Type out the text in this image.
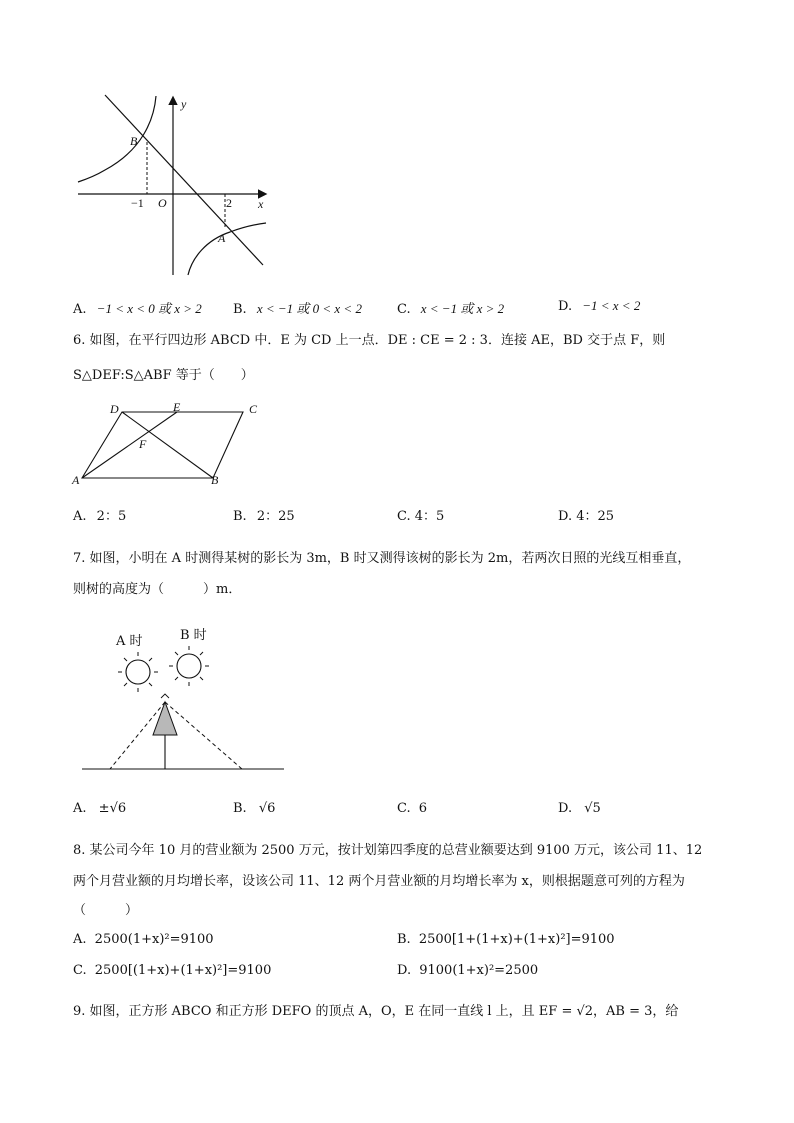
y
x
O
B
A
−1	2
A. −1 < x < 0 或 x > 2 B. x < −1 或 0 < x < 2	C. x < −1 或 x > 2	D. −1 < x < 2
6. 如图，在平行四边形 ABCD 中．E 为 CD 上一点．DE : CE = 2 : 3．连接 AE，BD 交于点 F，则
S△DEF:S△ABF 等于（　　）
D	E	C
F
A	B
A. 2：5	B. 2：25	C. 4：5	D. 4：25
7. 如图，小明在 A 时测得某树的影长为 3m，B 时又测得该树的影长为 2m，若两次日照的光线互相垂直，
则树的高度为（　　　）m．
A 时	B 时
A. ±√6	B. √6	C. 6	D. √5
8. 某公司今年 10 月的营业额为 2500 万元，按计划第四季度的总营业额要达到 9100 万元，该公司 11、12
两个月营业额的月均增长率，设该公司 11、12 两个月营业额的月均增长率为 x，则根据题意可列的方程为
（　　　）
A. 2500(1+x)²=9100	B. 2500[1+(1+x)+(1+x)²]=9100
C. 2500[(1+x)+(1+x)²]=9100	D. 9100(1+x)²=2500
9. 如图，正方形 ABCO 和正方形 DEFO 的顶点 A，O，E 在同一直线 l 上，且 EF = √2，AB = 3，给
